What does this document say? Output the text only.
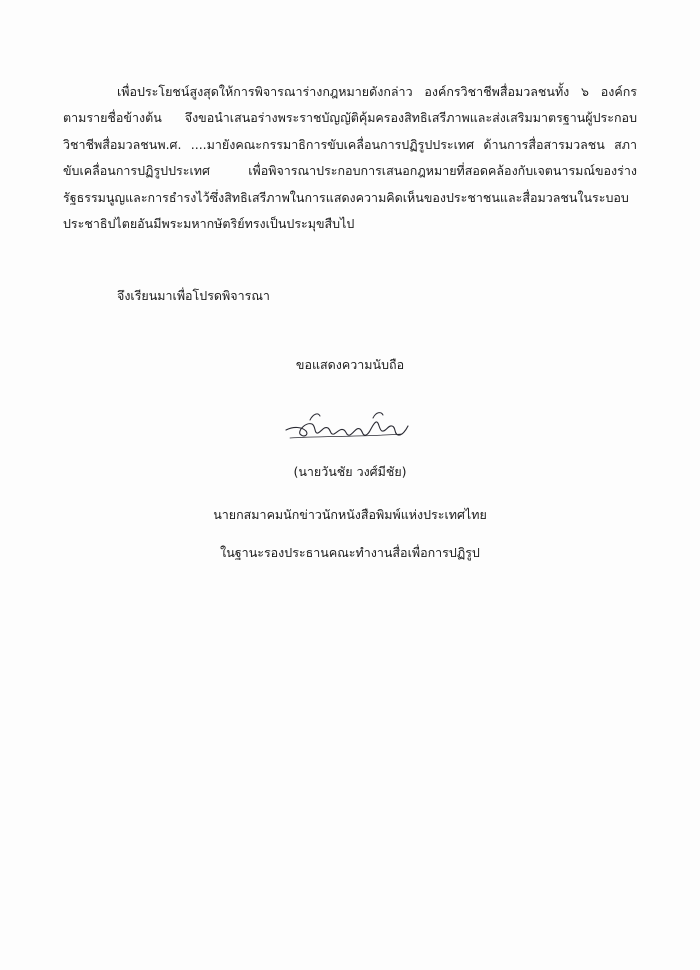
เพื่อประโยชน์สูงสุดให้การพิจารณาร่างกฎหมายดังกล่าว องค์กรวิชาชีพสื่อมวลชนทั้ง ๖ องค์กร ตามรายชื่อข้างต้น จึงขอนำเสนอร่างพระราชบัญญัติคุ้มครองสิทธิเสรีภาพและส่งเสริมมาตรฐานผู้ประกอบวิชาชีพสื่อมวลชนพ.ศ. ....มายังคณะกรรมาธิการขับเคลื่อนการปฏิรูปประเทศ ด้านการสื่อสารมวลชน สภาขับเคลื่อนการปฏิรูปประเทศ เพื่อพิจารณาประกอบการเสนอกฎหมายที่สอดคล้องกับเจตนารมณ์ของร่างรัฐธรรมนูญและการธำรงไว้ซึ่งสิทธิเสรีภาพในการแสดงความคิดเห็นของประชาชนและสื่อมวลชนในระบอบประชาธิปไตยอันมีพระมหากษัตริย์ทรงเป็นประมุขสืบไป

จึงเรียนมาเพื่อโปรดพิจารณา
ขอแสดงความนับถือ
(นายวันชัย วงศ์มีชัย)
นายกสมาคมนักข่าวนักหนังสือพิมพ์แห่งประเทศไทย
ในฐานะรองประธานคณะทำงานสื่อเพื่อการปฏิรูป
